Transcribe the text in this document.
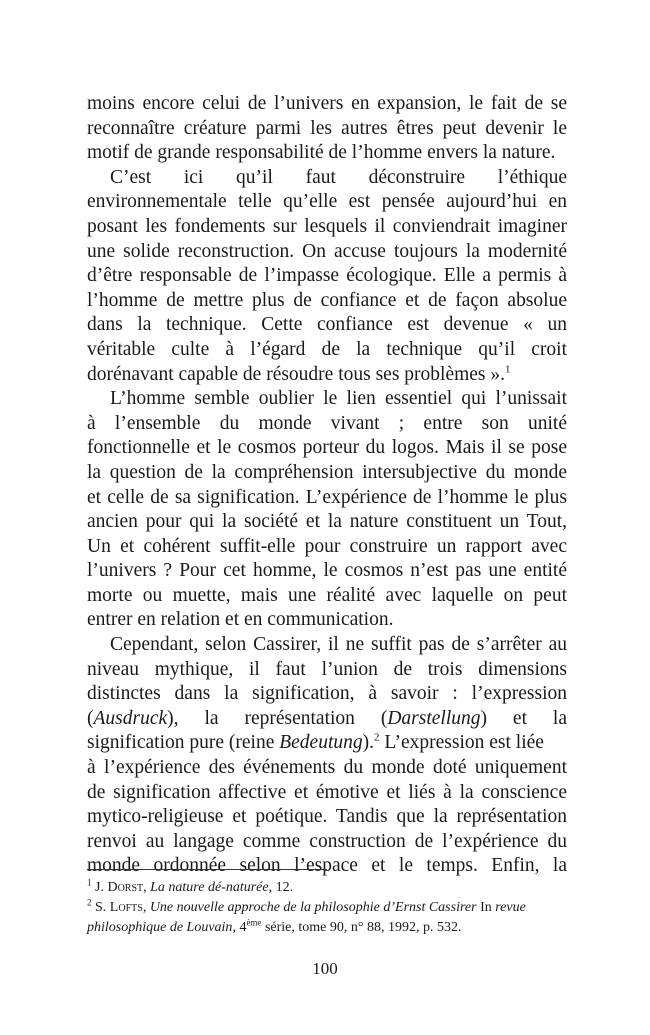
moins encore celui de l’univers en expansion, le fait de se
reconnaître créature parmi les autres êtres peut devenir le
motif de grande responsabilité de l’homme envers la nature.
C’est ici qu’il faut déconstruire l’éthique
environnementale telle qu’elle est pensée aujourd’hui en
posant les fondements sur lesquels il conviendrait imaginer
une solide reconstruction. On accuse toujours la modernité
d’être responsable de l’impasse écologique. Elle a permis à
l’homme de mettre plus de confiance et de façon absolue
dans la technique. Cette confiance est devenue « un
véritable culte à l’égard de la technique qu’il croit
dorénavant capable de résoudre tous ses problèmes ».$^1$
L’homme semble oublier le lien essentiel qui l’unissait
à l’ensemble du monde vivant ; entre son unité
fonctionnelle et le cosmos porteur du logos. Mais il se pose
la question de la compréhension intersubjective du monde
et celle de sa signification. L’expérience de l’homme le plus
ancien pour qui la société et la nature constituent un Tout,
Un et cohérent suffit-elle pour construire un rapport avec
l’univers ? Pour cet homme, le cosmos n’est pas une entité
morte ou muette, mais une réalité avec laquelle on peut
entrer en relation et en communication.
Cependant, selon Cassirer, il ne suffit pas de s’arrêter au
niveau mythique, il faut l’union de trois dimensions
distinctes dans la signification, à savoir : l’expression
(Ausdruck), la représentation (Darstellung) et la
signification pure (reine Bedeutung).$^2$ L’expression est liée
à l’expérience des événements du monde doté uniquement
de signification affective et émotive et liés à la conscience
mytico-religieuse et poétique. Tandis que la représentation
renvoi au langage comme construction de l’expérience du
monde ordonnée selon l’espace et le temps. Enfin, la
$^1$ J. Dorst, La nature dé-naturée, 12.
$^2$ S. Lofts, Une nouvelle approche de la philosophie d’Ernst Cassirer In revue
philosophique de Louvain, 4ème série, tome 90, n° 88, 1992, p. 532.
100
